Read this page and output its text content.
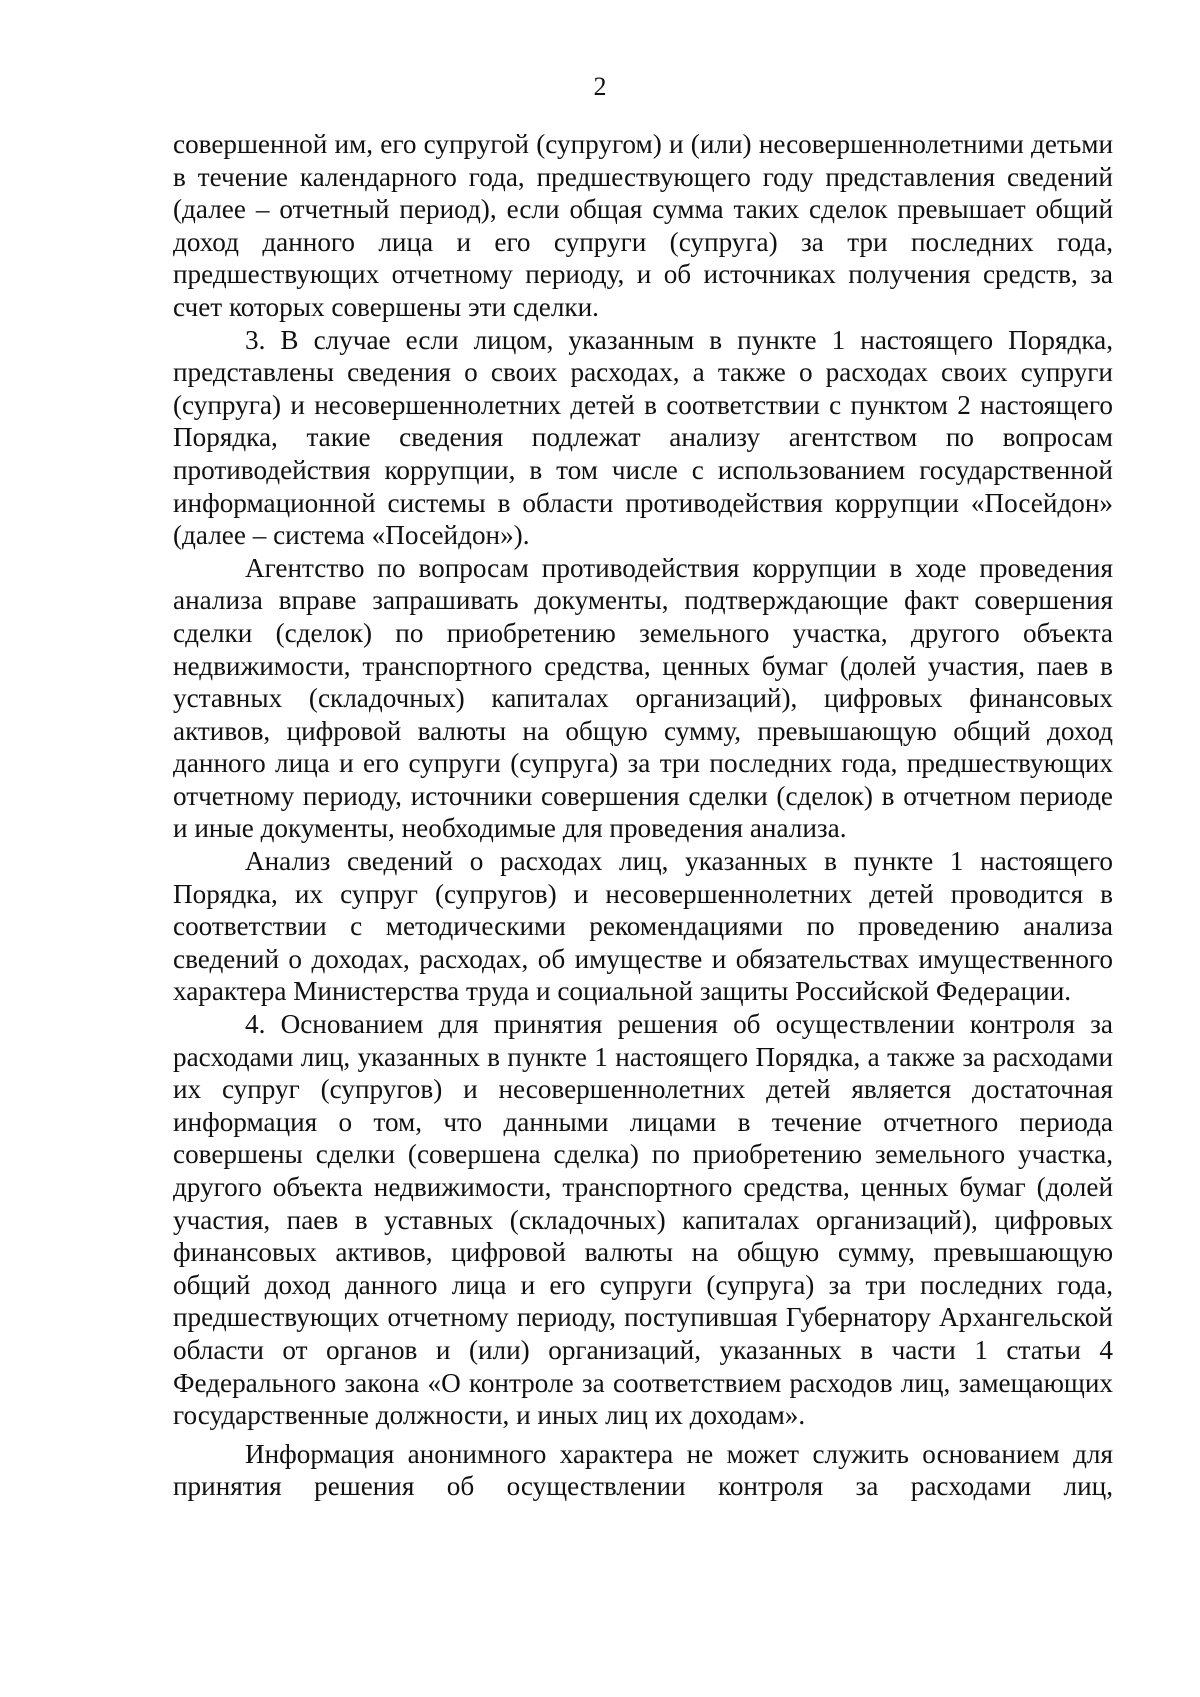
2

совершенной им, его супругой (супругом) и (или) несовершеннолетними детьми в течение календарного года, предшествующего году представления сведений (далее – отчетный период), если общая сумма таких сделок превышает общий доход данного лица и его супруги (супруга) за три последних года, предшествующих отчетному периоду, и об источниках получения средств, за счет которых совершены эти сделки.

3. В случае если лицом, указанным в пункте 1 настоящего Порядка, представлены сведения о своих расходах, а также о расходах своих супруги (супруга) и несовершеннолетних детей в соответствии с пунктом 2 настоящего Порядка, такие сведения подлежат анализу агентством по вопросам противодействия коррупции, в том числе с использованием государственной информационной системы в области противодействия коррупции «Посейдон» (далее – система «Посейдон»).

Агентство по вопросам противодействия коррупции в ходе проведения анализа вправе запрашивать документы, подтверждающие факт совершения сделки (сделок) по приобретению земельного участка, другого объекта недвижимости, транспортного средства, ценных бумаг (долей участия, паев в уставных (складочных) капиталах организаций), цифровых финансовых активов, цифровой валюты на общую сумму, превышающую общий доход данного лица и его супруги (супруга) за три последних года, предшествующих отчетному периоду, источники совершения сделки (сделок) в отчетном периоде и иные документы, необходимые для проведения анализа.

Анализ сведений о расходах лиц, указанных в пункте 1 настоящего Порядка, их супруг (супругов) и несовершеннолетних детей проводится в соответствии с методическими рекомендациями по проведению анализа сведений о доходах, расходах, об имуществе и обязательствах имущественного характера Министерства труда и социальной защиты Российской Федерации.

4. Основанием для принятия решения об осуществлении контроля за расходами лиц, указанных в пункте 1 настоящего Порядка, а также за расходами их супруг (супругов) и несовершеннолетних детей является достаточная информация о том, что данными лицами в течение отчетного периода совершены сделки (совершена сделка) по приобретению земельного участка, другого объекта недвижимости, транспортного средства, ценных бумаг (долей участия, паев в уставных (складочных) капиталах организаций), цифровых финансовых активов, цифровой валюты на общую сумму, превышающую общий доход данного лица и его супруги (супруга) за три последних года, предшествующих отчетному периоду, поступившая Губернатору Архангельской области от органов и (или) организаций, указанных в части 1 статьи 4 Федерального закона «О контроле за соответствием расходов лиц, замещающих государственные должности, и иных лиц их доходам».

Информация анонимного характера не может служить основанием для принятия решения об осуществлении контроля за расходами лиц,
